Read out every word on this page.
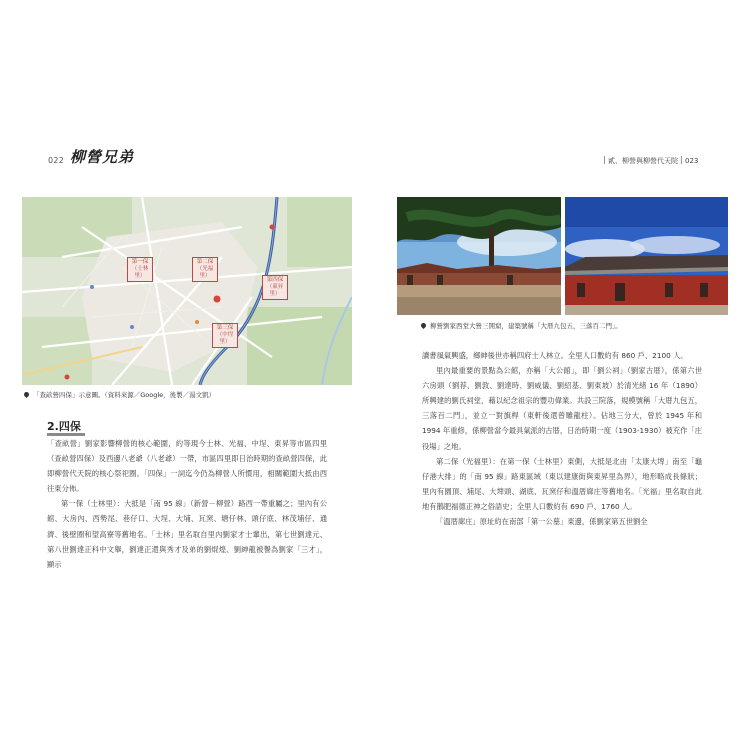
022 柳營兄弟
第一保（士林里）
第二保（光福里）
第四保（東昇里）
第三保（中埕里）
「查畝營四保」示意圖。（資料來源／Google，後製／湯文凱）
2.四保

「查畝營」劉家影響柳營的核心範圍，約等現今士林、光福、中埕、東昇等市區四里（查畝營四保）及西邊八老爺（八老爺）一帶，市區四里即日治時期的查畝營四保，此即柳營代天院的核心祭祀圈。「四保」一詞迄今仍為柳營人所慣用，相關範圍大抵由西往東分佈。

第一保（士林里）：大抵是「南 95 線」（新營－柳營）路西一帶重屬之；里內有公館、大房內、西勢尾、巷仔口、大埕、大埔、瓦窯、塘仔林、頭仔底、林茂埔仔、通濟、後壁圈和望高寮等舊地名。「士林」里名取自里內劉家才士輩出，第七世劉達元、第八世劉達正科中文舉，劉達正還與秀才及弟的劉焜煌、劉紳龍被譽為劉家「三才」，顯示

貳、柳營與柳營代天院 023
柳營劉家西堂大營三開窟，建築號稱「大厝九包五，三落百二門」。

讀書風氣興盛，鄉紳後世亦稱四府士人林立。全里人口數約有 860 戶、2100 人。

里內最重要的景點為公館，亦稱「大公館」，即「劉公祠」（劉家古厝），係第六世六房頭（劉荐、劉敦、劉達時、劉威儀、劉紹基、劉東坡）於清光緒 16 年（1890）所興建的劉氏祠堂，藉以紀念祖宗的豐功偉業。共設三院落，規模號稱「大厝九包五，三落百二門」，並立一對旗桿（東軒後還曾雕龍柱）。佔地三分大，曾於 1945 年和 1994 年重修，係柳營當今最具氣派的古厝，日治時期一度（1903-1930）被充作「庄役場」之地。

第二保（光福里）：在第一保（士林里）東側，大抵是北由「太康大埤」南至「龜仔港大排」的「南 95 線」路東區域（東以建康街與東昇里為界），地形略成長條狀；里內有園頂、埔尾、大埤頭、湖底、瓦窯仔和溫厝廍庄等舊地名。「光福」里名取自此地有鵝肥福德正神之俗語史；全里人口數約有 690 戶、1760 人。

「溫厝廍庄」原址約在南部「第一公墓」東邊，係劉家第五世劉全
